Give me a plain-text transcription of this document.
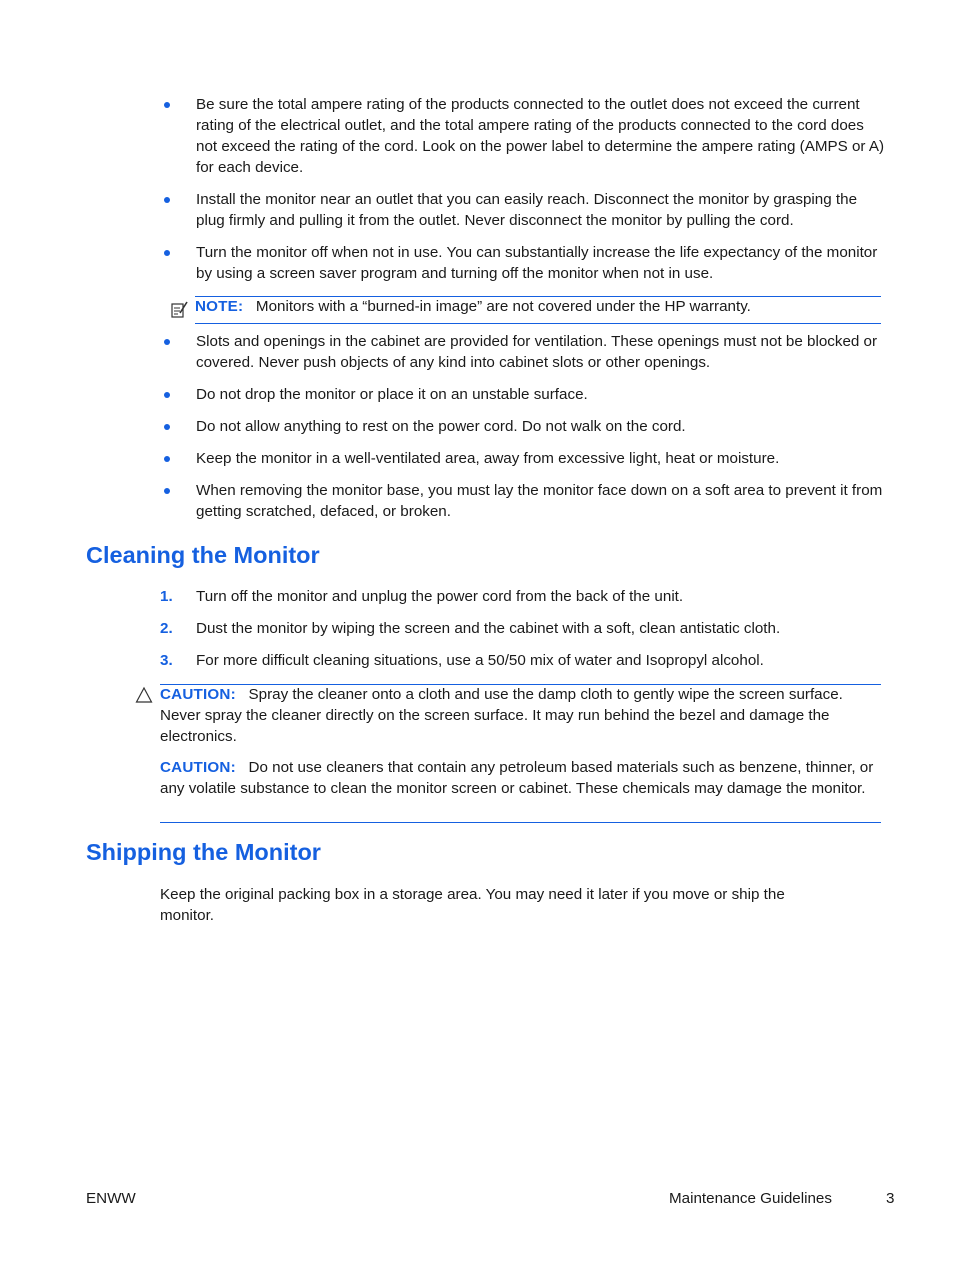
Be sure the total ampere rating of the products connected to the outlet does not exceed the current rating of the electrical outlet, and the total ampere rating of the products connected to the cord does not exceed the rating of the cord. Look on the power label to determine the ampere rating (AMPS or A) for each device.
Install the monitor near an outlet that you can easily reach. Disconnect the monitor by grasping the plug firmly and pulling it from the outlet. Never disconnect the monitor by pulling the cord.
Turn the monitor off when not in use. You can substantially increase the life expectancy of the monitor by using a screen saver program and turning off the monitor when not in use.
NOTE: Monitors with a “burned-in image” are not covered under the HP warranty.
Slots and openings in the cabinet are provided for ventilation. These openings must not be blocked or covered. Never push objects of any kind into cabinet slots or other openings.
Do not drop the monitor or place it on an unstable surface.
Do not allow anything to rest on the power cord. Do not walk on the cord.
Keep the monitor in a well-ventilated area, away from excessive light, heat or moisture.
When removing the monitor base, you must lay the monitor face down on a soft area to prevent it from getting scratched, defaced, or broken.
Cleaning the Monitor
1. Turn off the monitor and unplug the power cord from the back of the unit.
2. Dust the monitor by wiping the screen and the cabinet with a soft, clean antistatic cloth.
3. For more difficult cleaning situations, use a 50/50 mix of water and Isopropyl alcohol.
CAUTION: Spray the cleaner onto a cloth and use the damp cloth to gently wipe the screen surface. Never spray the cleaner directly on the screen surface. It may run behind the bezel and damage the electronics.
CAUTION: Do not use cleaners that contain any petroleum based materials such as benzene, thinner, or any volatile substance to clean the monitor screen or cabinet. These chemicals may damage the monitor.
Shipping the Monitor

Keep the original packing box in a storage area. You may need it later if you move or ship the monitor.

ENWW	Maintenance Guidelines	3
